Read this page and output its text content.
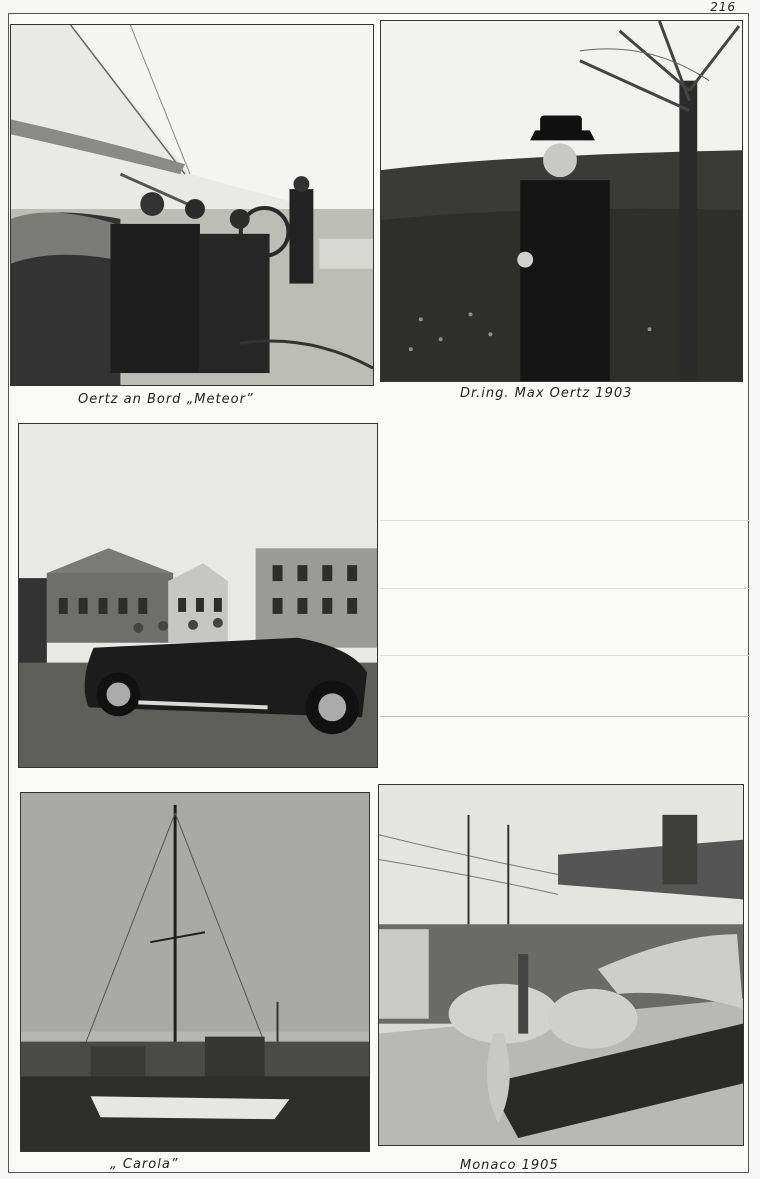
216
Oertz an Bord „Meteor”	Dr.ing. Max Oertz 1903
„ Carola”	Monaco 1905
